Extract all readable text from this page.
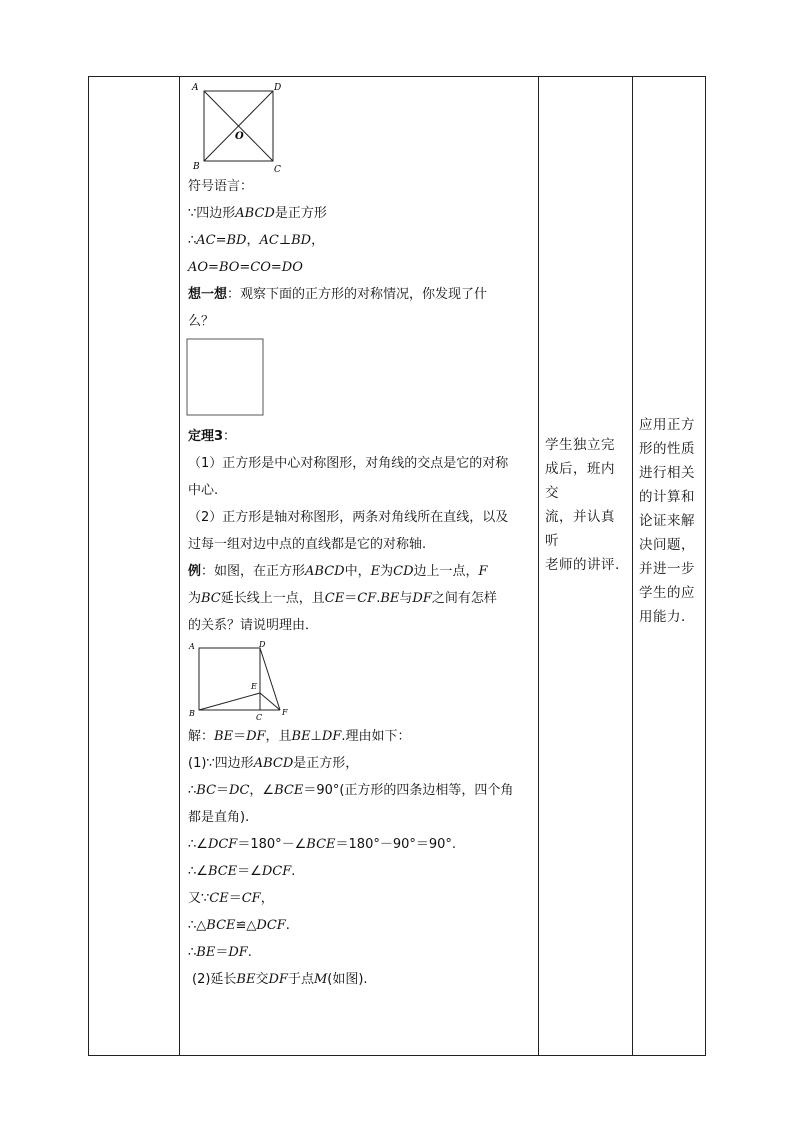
A	D
B	C
O
符号语言：
∵四边形ABCD是正方形
∴AC=BD，AC⊥BD，
AO=BO=CO=DO
想一想：观察下面的正方形的对称情况，你发现了什
么？
定理3：
（1）正方形是中心对称图形，对角线的交点是它的对称
中心.
（2）正方形是轴对称图形，两条对角线所在直线，以及
过每一组对边中点的直线都是它的对称轴.
例：如图，在正方形ABCD中，E为CD边上一点，F
为BC延长线上一点，且CE＝CF.BE与DF之间有怎样
的关系？请说明理由．
A	D
B	C
E
F
解：BE＝DF，且BE⊥DF.理由如下：
(1)∵四边形ABCD是正方形，
∴BC＝DC，∠BCE＝90°(正方形的四条边相等，四个角
都是直角).
∴∠DCF＝180°－∠BCE＝180°－90°＝90°.
∴∠BCE＝∠DCF.
又∵CE＝CF，
∴△BCE≌△DCF.
∴BE＝DF.
(2)延长BE交DF于点M(如图).

学生独立完
成后，班内交
流，并认真听
老师的讲评.

应用正方
形的性质
进行相关
的计算和
论证来解
决问题，
并进一步
学生的应
用能力.
